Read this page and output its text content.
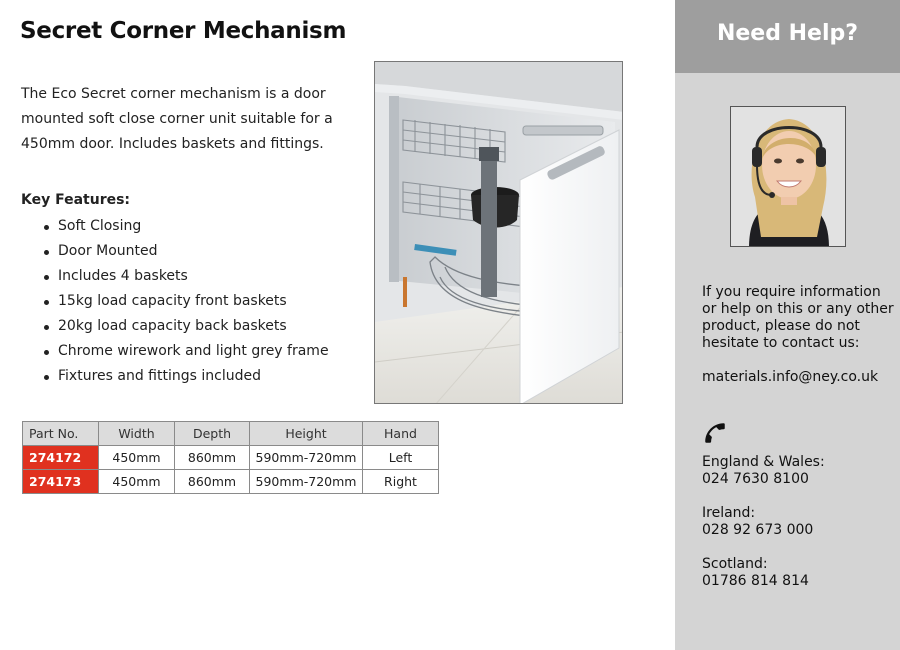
Secret Corner Mechanism

The Eco Secret corner mechanism is a door mounted soft close corner unit suitable for a 450mm door. Includes baskets and fittings.

Key Features:
Soft Closing
Door Mounted
Includes 4 baskets
15kg load capacity front baskets
20kg load capacity back baskets
Chrome wirework and light grey frame
Fixtures and fittings included
Part No.	Width	Depth	Height	Hand
274172	450mm	860mm	590mm-720mm	Left
274173	450mm	860mm	590mm-720mm	Right
Need Help?
If you require information
or help on this or any other
product, please do not
hesitate to contact us:
materials.info@ney.co.uk
England & Wales:
024 7630 8100
Ireland:
028 92 673 000
Scotland:
01786 814 814
